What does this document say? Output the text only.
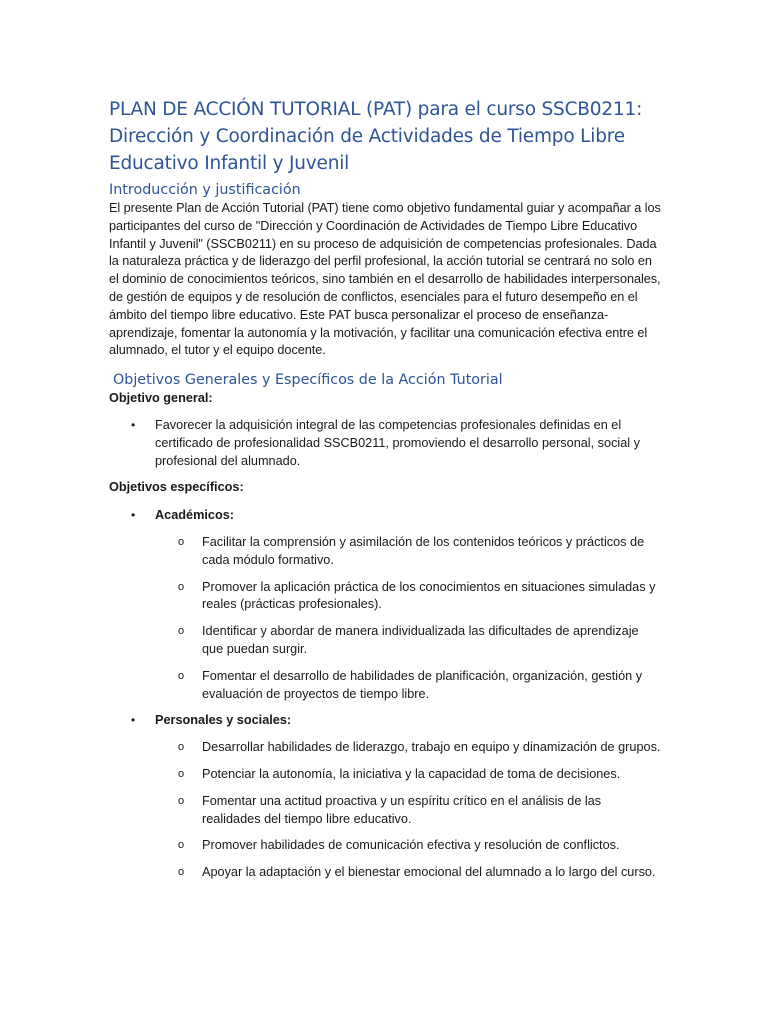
PLAN DE ACCIÓN TUTORIAL (PAT) para el curso SSCB0211: Dirección y Coordinación de Actividades de Tiempo Libre Educativo Infantil y Juvenil
Introducción y justificación

El presente Plan de Acción Tutorial (PAT) tiene como objetivo fundamental guiar y acompañar a los participantes del curso de "Dirección y Coordinación de Actividades de Tiempo Libre Educativo Infantil y Juvenil" (SSCB0211) en su proceso de adquisición de competencias profesionales. Dada la naturaleza práctica y de liderazgo del perfil profesional, la acción tutorial se centrará no solo en el dominio de conocimientos teóricos, sino también en el desarrollo de habilidades interpersonales, de gestión de equipos y de resolución de conflictos, esenciales para el futuro desempeño en el ámbito del tiempo libre educativo. Este PAT busca personalizar el proceso de enseñanza-aprendizaje, fomentar la autonomía y la motivación, y facilitar una comunicación efectiva entre el alumnado, el tutor y el equipo docente.

Objetivos Generales y Específicos de la Acción Tutorial
Objetivo general:
• Favorecer la adquisición integral de las competencias profesionales definidas en el certificado de profesionalidad SSCB0211, promoviendo el desarrollo personal, social y profesional del alumnado.
Objetivos específicos:
• Académicos:
o Facilitar la comprensión y asimilación de los contenidos teóricos y prácticos de cada módulo formativo.
o Promover la aplicación práctica de los conocimientos en situaciones simuladas y reales (prácticas profesionales).
o Identificar y abordar de manera individualizada las dificultades de aprendizaje que puedan surgir.
o Fomentar el desarrollo de habilidades de planificación, organización, gestión y evaluación de proyectos de tiempo libre.
• Personales y sociales:
o Desarrollar habilidades de liderazgo, trabajo en equipo y dinamización de grupos.
o Potenciar la autonomía, la iniciativa y la capacidad de toma de decisiones.
o Fomentar una actitud proactiva y un espíritu crítico en el análisis de las realidades del tiempo libre educativo.
o Promover habilidades de comunicación efectiva y resolución de conflictos.
o Apoyar la adaptación y el bienestar emocional del alumnado a lo largo del curso.
